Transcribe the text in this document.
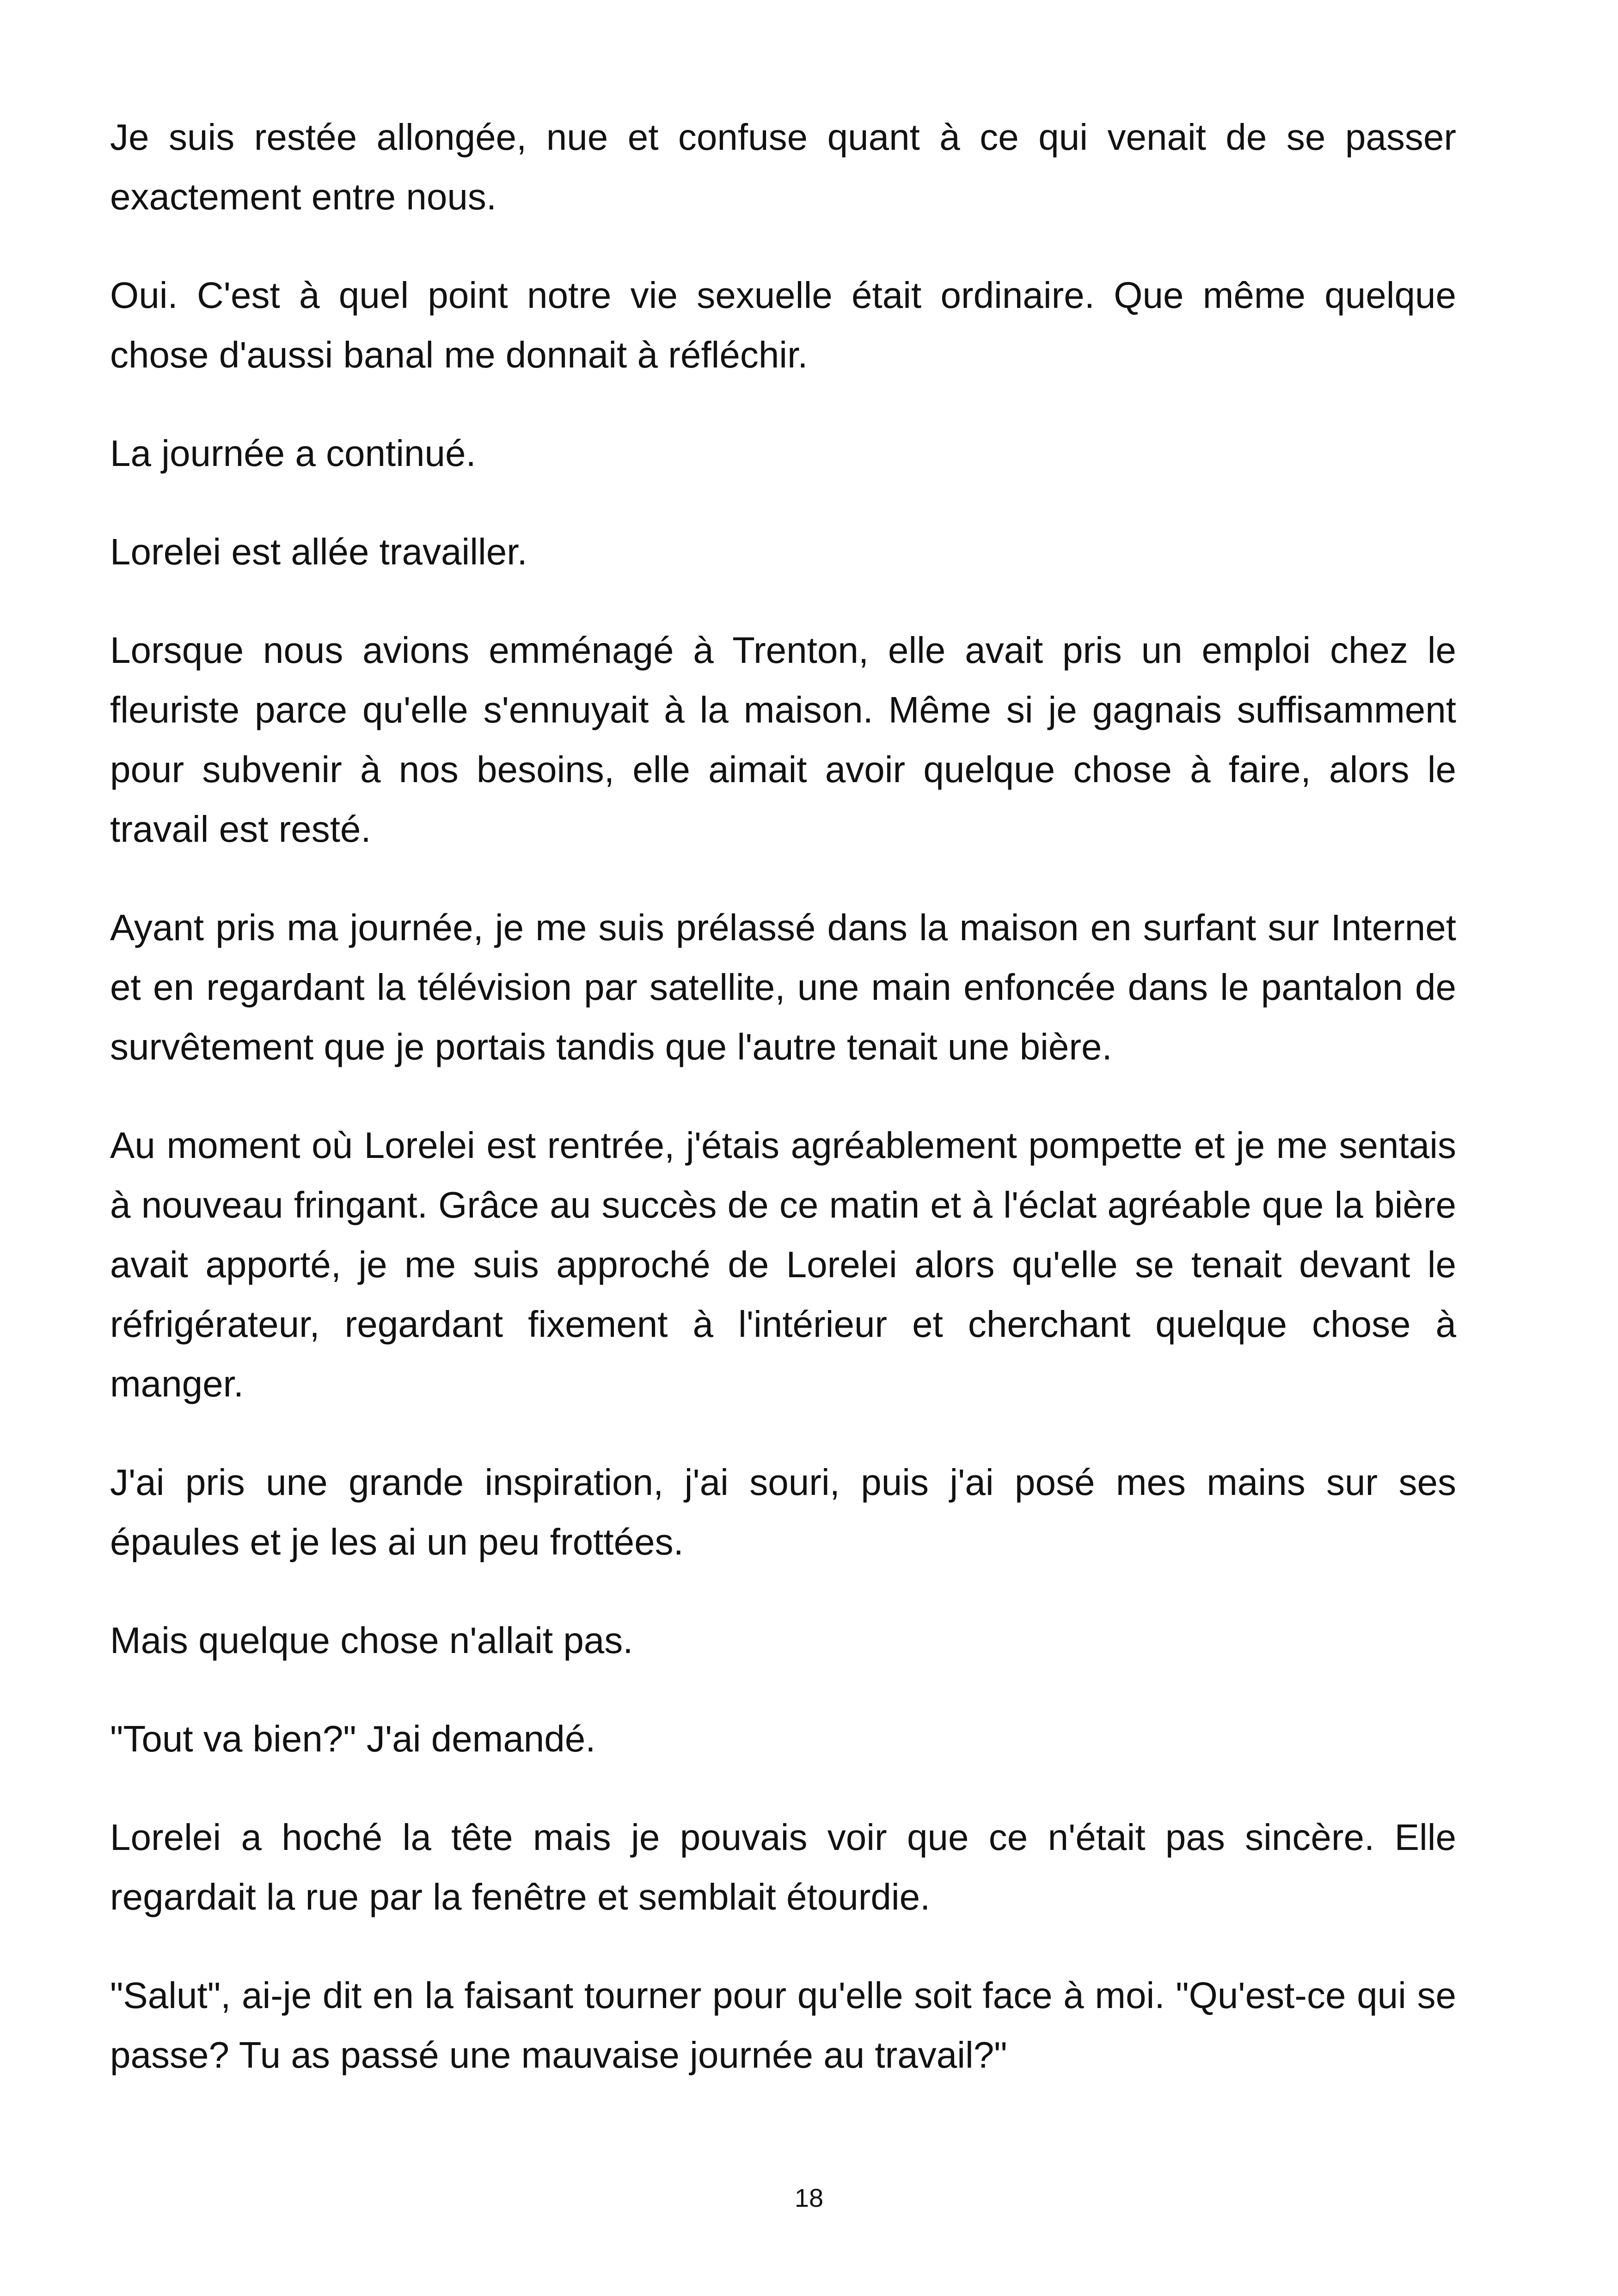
Je suis restée allongée, nue et confuse quant à ce qui venait de se passer exactement entre nous.

Oui. C'est à quel point notre vie sexuelle était ordinaire. Que même quelque chose d'aussi banal me donnait à réfléchir.

La journée a continué.

Lorelei est allée travailler.

Lorsque nous avions emménagé à Trenton, elle avait pris un emploi chez le fleuriste parce qu'elle s'ennuyait à la maison. Même si je gagnais suffisamment pour subvenir à nos besoins, elle aimait avoir quelque chose à faire, alors le travail est resté.

Ayant pris ma journée, je me suis prélassé dans la maison en surfant sur Internet et en regardant la télévision par satellite, une main enfoncée dans le pantalon de survêtement que je portais tandis que l'autre tenait une bière.

Au moment où Lorelei est rentrée, j'étais agréablement pompette et je me sentais à nouveau fringant. Grâce au succès de ce matin et à l'éclat agréable que la bière avait apporté, je me suis approché de Lorelei alors qu'elle se tenait devant le réfrigérateur, regardant fixement à l'intérieur et cherchant quelque chose à manger.

J'ai pris une grande inspiration, j'ai souri, puis j'ai posé mes mains sur ses épaules et je les ai un peu frottées.

Mais quelque chose n'allait pas.

"Tout va bien?" J'ai demandé.

Lorelei a hoché la tête mais je pouvais voir que ce n'était pas sincère. Elle regardait la rue par la fenêtre et semblait étourdie.

"Salut", ai-je dit en la faisant tourner pour qu'elle soit face à moi. "Qu'est-ce qui se passe? Tu as passé une mauvaise journée au travail?"

18
